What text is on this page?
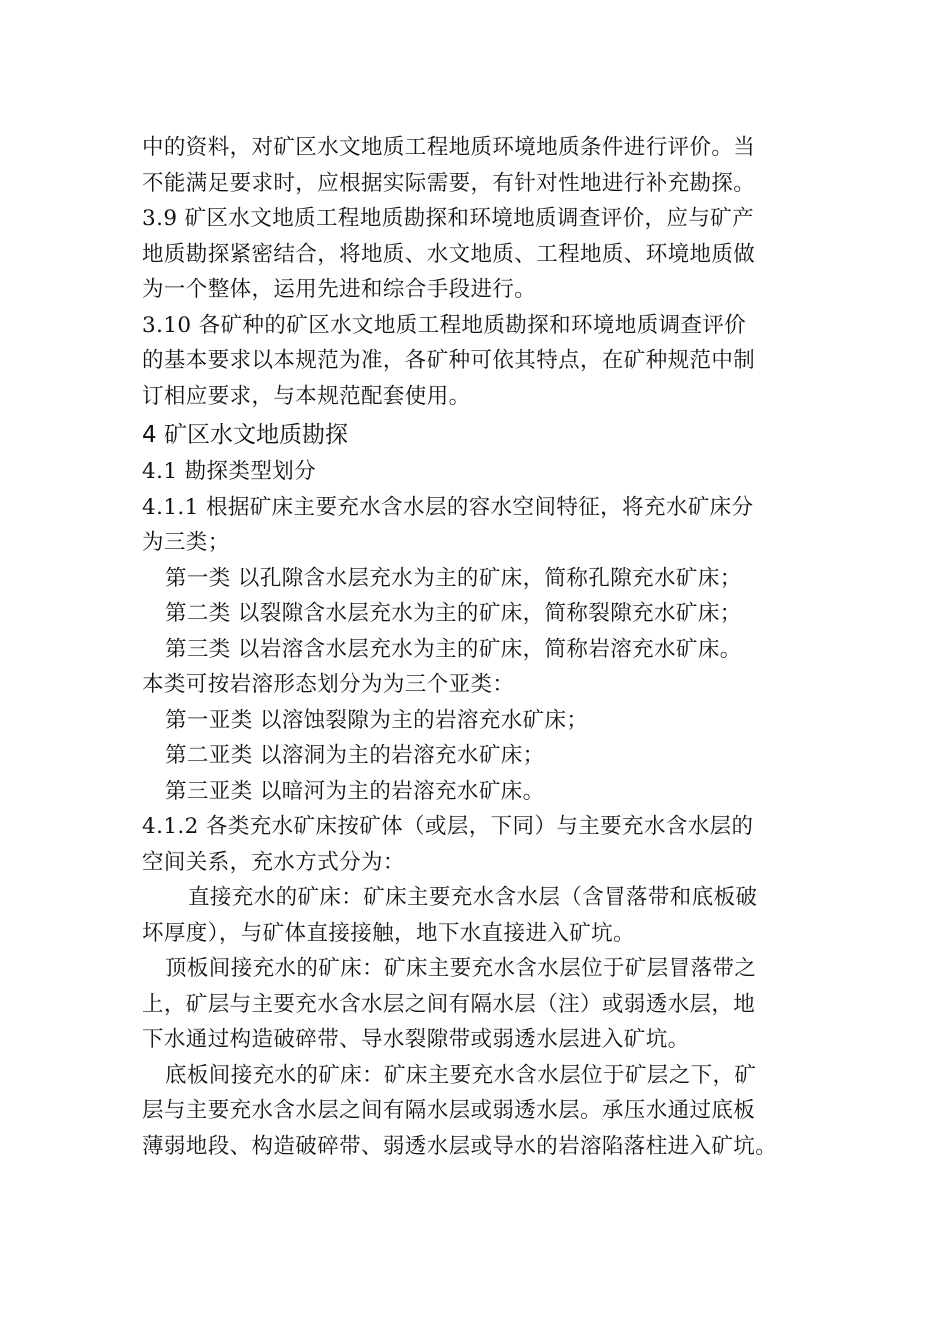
中的资料，对矿区水文地质工程地质环境地质条件进行评价。当
不能满足要求时，应根据实际需要，有针对性地进行补充勘探。
3.9 矿区水文地质工程地质勘探和环境地质调查评价，应与矿产
地质勘探紧密结合，将地质、水文地质、工程地质、环境地质做
为一个整体，运用先进和综合手段进行。
3.10 各矿种的矿区水文地质工程地质勘探和环境地质调查评价
的基本要求以本规范为准，各矿种可依其特点，在矿种规范中制
订相应要求，与本规范配套使用。
4 矿区水文地质勘探
4.1 勘探类型划分
4.1.1 根据矿床主要充水含水层的容水空间特征，将充水矿床分
为三类；
第一类 以孔隙含水层充水为主的矿床，简称孔隙充水矿床；
第二类 以裂隙含水层充水为主的矿床，简称裂隙充水矿床；
第三类 以岩溶含水层充水为主的矿床，简称岩溶充水矿床。
本类可按岩溶形态划分为为三个亚类：
第一亚类 以溶蚀裂隙为主的岩溶充水矿床；
第二亚类 以溶洞为主的岩溶充水矿床；
第三亚类 以暗河为主的岩溶充水矿床。
4.1.2 各类充水矿床按矿体（或层，下同）与主要充水含水层的
空间关系，充水方式分为：
直接充水的矿床：矿床主要充水含水层（含冒落带和底板破
坏厚度），与矿体直接接触，地下水直接进入矿坑。
顶板间接充水的矿床：矿床主要充水含水层位于矿层冒落带之
上，矿层与主要充水含水层之间有隔水层（注）或弱透水层，地
下水通过构造破碎带、导水裂隙带或弱透水层进入矿坑。
底板间接充水的矿床：矿床主要充水含水层位于矿层之下，矿
层与主要充水含水层之间有隔水层或弱透水层。承压水通过底板
薄弱地段、构造破碎带、弱透水层或导水的岩溶陷落柱进入矿坑。
